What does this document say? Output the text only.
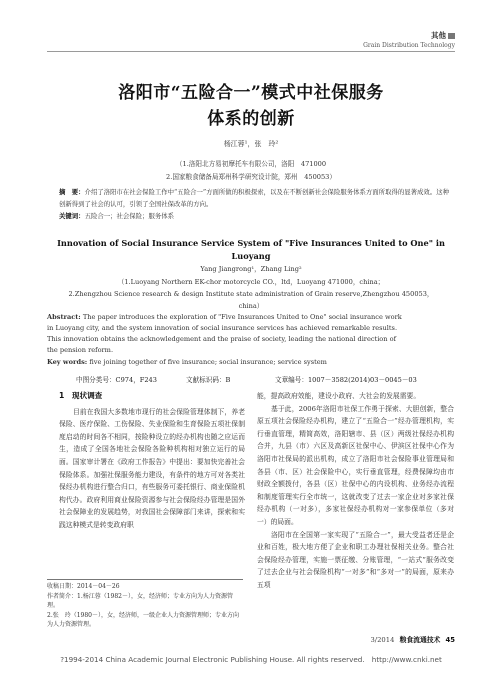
其他
Grain Distribution Technology
洛阳市“五险合一”模式中社保服务
体系的创新
杨江蓉¹，张　玲²
（1.洛阳北方易初摩托车有限公司，洛阳　471000
2.国家粮食储备局郑州科学研究设计院，郑州　450053）
摘　要：介绍了洛阳市在社会保险工作中“五险合一”方面所做的积极探索，以及在不断创新社会保险服务体系方面所取得的显著成效。这种创新得到了社会的认可，引领了全国社保改革的方向。
关键词：五险合一；社会保险；服务体系
Innovation of Social Insurance Service System of "Five Insurances United to One" in
Luoyang
Yang Jiangrong¹，Zhang Ling²
（1.Luoyang Northern EK-chor motorcycle CO.，ltd，Luoyang 471000，china；
2.Zhengzhou Science research & design Institute state administration of Grain reserve,Zhengzhou 450053，
china）
Abstract: The paper introduces the exploration of "Five Insurances United to One" social insurance work
in Luoyang city, and the system innovation of social insurance services has achieved remarkable results.
This innovation obtains the acknowledgement and the praise of society, leading the national direction of
the pension reform.
Key words: five joining together of five insurance; social insurance; service system
中图分类号：C974，F243	文献标识码：B	文章编号：1007－3582(2014)03－0045－03
1　现状调查

目前在我国大多数地市现行的社会保险管理体制下，养老保险、医疗保险、工伤保险、失业保险和生育保险五项社保制度启动的时间各不相同，按险种设立的经办机构也随之应运而生，造成了全国各地社会保险各险种机构相对独立运行的局面。国家审计署在《政府工作报告》中提出：要加快完善社会保险体系。加强社保服务能力建设，有条件的地方可对各类社保经办机构进行整合归口，有些服务可委托银行、商业保险机构代办。政府利用商业保险资源参与社会保险经办管理是国外社会保障业的发展趋势，对我国社会保障部门来讲，探索和实践这种模式是转变政府职

能，提高政府效能，建设小政府、大社会的发展需要。

基于此，2006年洛阳市社保工作勇于探索、大胆创新，整合原五项社会保险经办机构，建立了“五险合一”经办管理机构，实行垂直管理，精简高效，洛阳辖市、县（区）两级社保经办机构合并，九县（市）六区及高新区社保中心、伊滨区社保中心作为洛阳市社保局的派出机构，成立了洛阳市社会保险事业管理局和各县（市、区）社会保险中心，实行垂直管理，经费保障均由市财政全额拨付，各县（区）社保中心的内设机构、业务经办流程和制度管理实行全市统一，这就改变了过去一家企业对多家社保经办机构（一对多），多家社保经办机构对一家参保单位（多对一）的局面。

洛阳市在全国第一家实现了“五险合一”，最大受益者还是企业和百姓，极大地方便了企业和职工办理社保相关业务。整合社会保险经办管理，实施一票征缴、分账管理，“一站式”服务改变了过去企业与社会保险机构“一对多”和“多对一”的局面，原来办五项

收稿日期：2014－04－26
作者简介：1.杨江蓉（1982－），女，经济师；专业方向为人力资源管理。
2.张　玲（1980－），女，经济师，一级企业人力资源管理师；专业方向为人力资源管理。
3/2014 粮食流通技术 45
?1994-2014 China Academic Journal Electronic Publishing House. All rights reserved.　http://www.cnki.net
